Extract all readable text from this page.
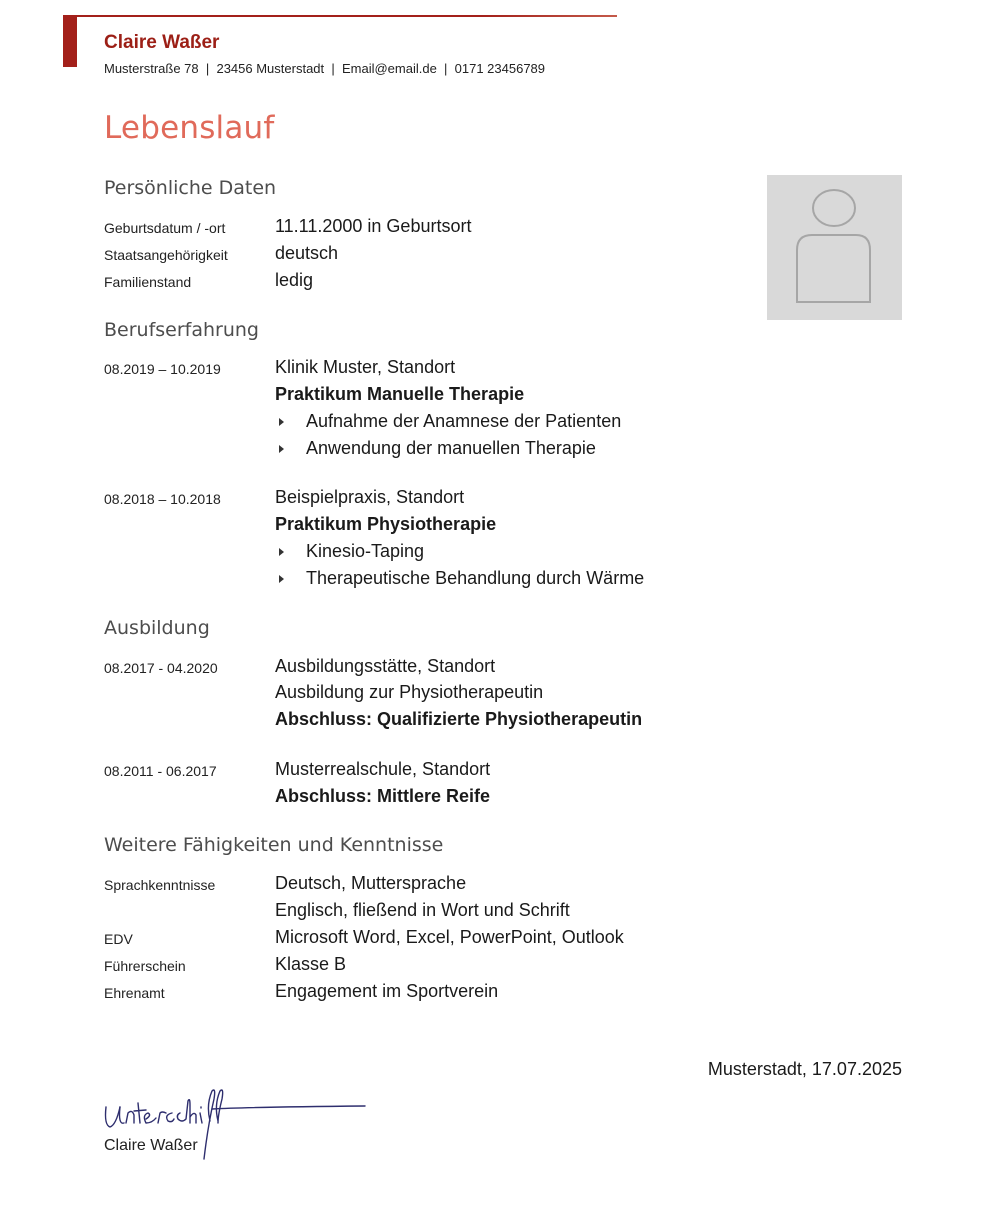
Claire Waßer
Musterstraße 78  |  23456 Musterstadt  |  Email@email.de  |  0171 23456789
Lebenslauf
Persönliche Daten
Geburtsdatum / -ort	11.11.2000 in Geburtsort
Staatsangehörigkeit	deutsch
Familienstand	ledig
Berufserfahrung
08.2019 – 10.2019	Klinik Muster, Standort
Praktikum Manuelle Therapie
Aufnahme der Anamnese der Patienten
Anwendung der manuellen Therapie
08.2018 – 10.2018	Beispielpraxis, Standort
Praktikum Physiotherapie
Kinesio-Taping
Therapeutische Behandlung durch Wärme
Ausbildung
08.2017 - 04.2020	Ausbildungsstätte, Standort
Ausbildung zur Physiotherapeutin
Abschluss: Qualifizierte Physiotherapeutin
08.2011 - 06.2017	Musterrealschule, Standort
Abschluss: Mittlere Reife
Weitere Fähigkeiten und Kenntnisse
Sprachkenntnisse	Deutsch, Muttersprache
Englisch, fließend in Wort und Schrift
EDV	Microsoft Word, Excel, PowerPoint, Outlook
Führerschein	Klasse B
Ehrenamt	Engagement im Sportverein
Musterstadt, 17.07.2025
Claire Waßer
